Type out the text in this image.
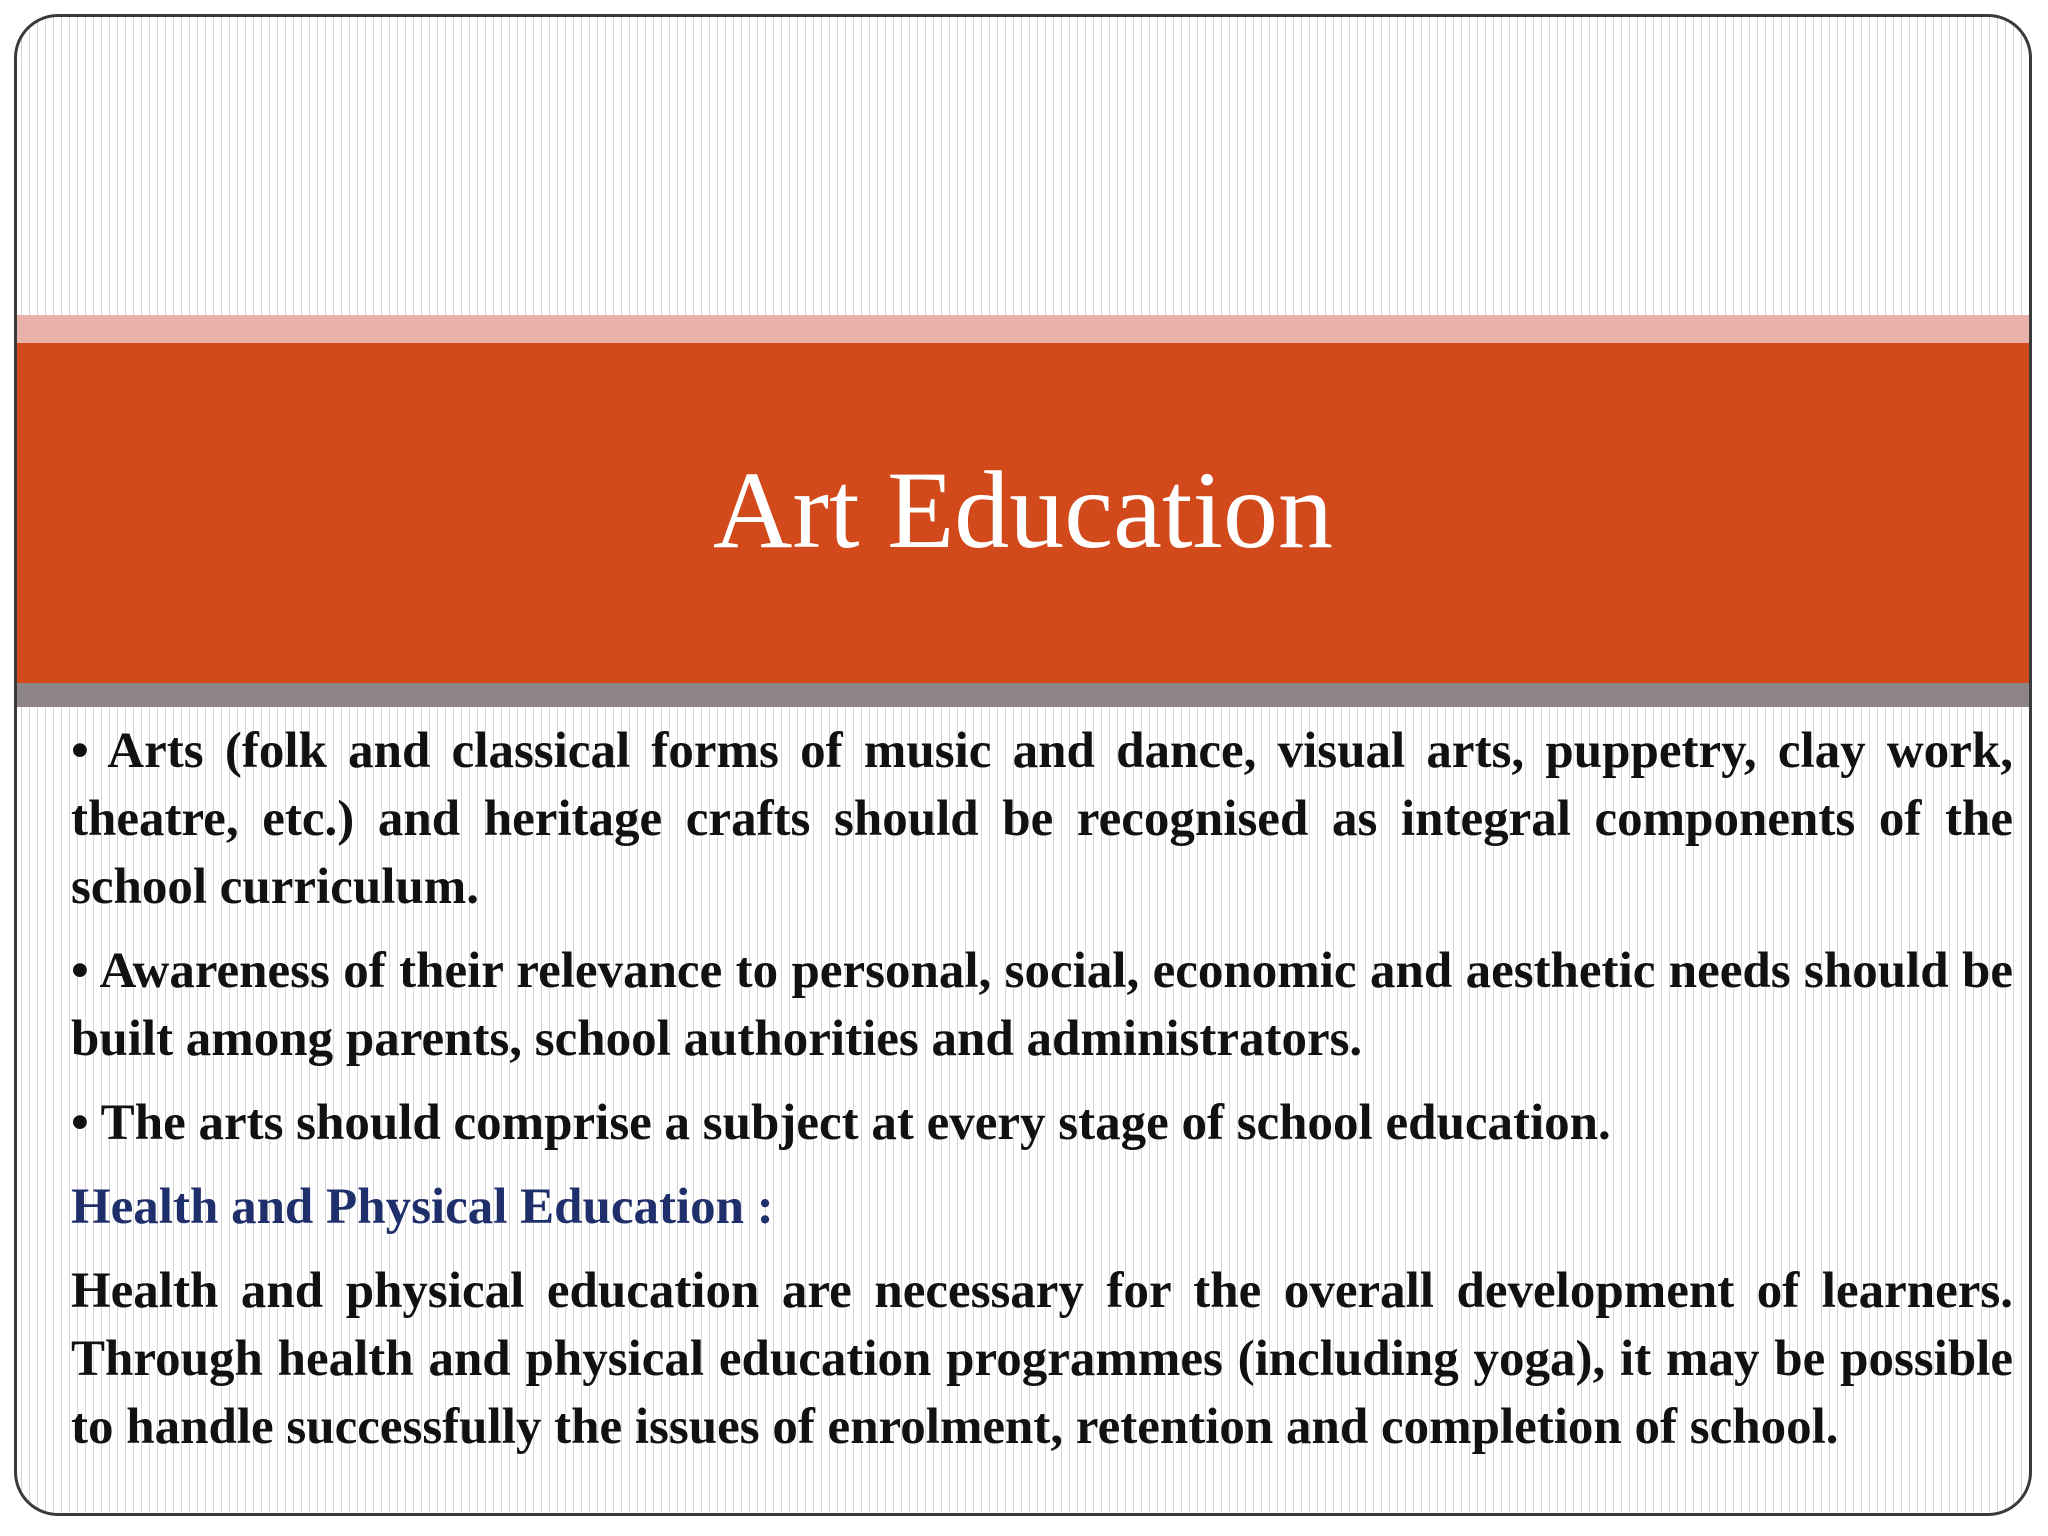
Art Education

• Arts (folk and classical forms of music and dance, visual arts, puppetry, clay work, theatre, etc.) and heritage crafts should be recognised as integral components of the school curriculum.

• Awareness of their relevance to personal, social, economic and aesthetic needs should be built among parents, school authorities and administrators.

• The arts should comprise a subject at every stage of school education.

Health and Physical Education :

Health and physical education are necessary for the overall development of learners. Through health and physical education programmes (including yoga), it may be possible to handle successfully the issues of enrolment, retention and completion of school.
